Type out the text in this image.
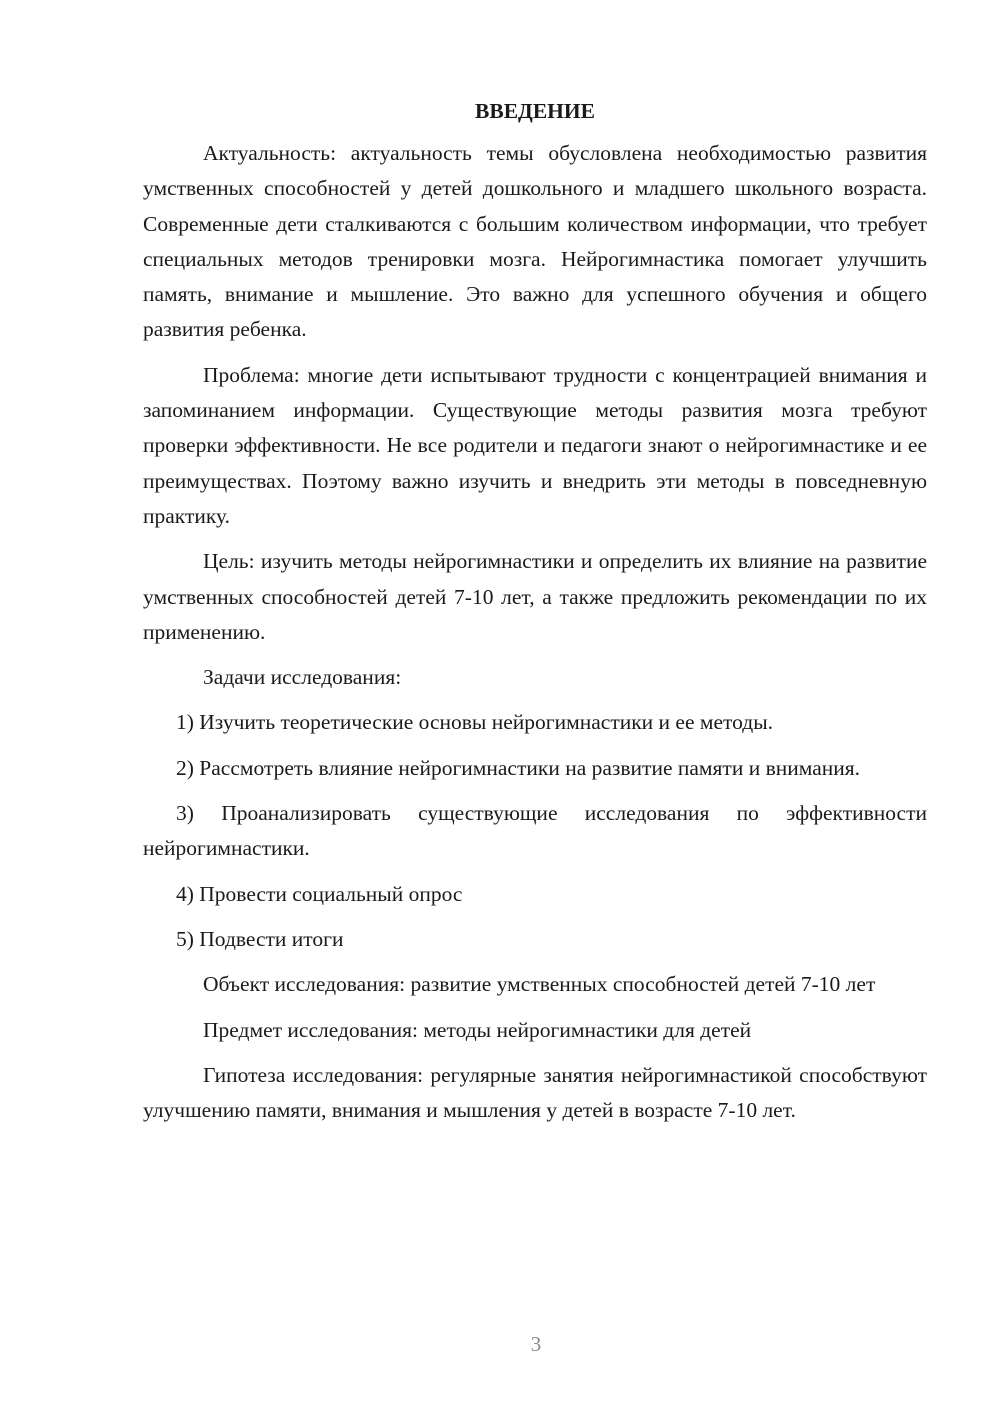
ВВЕДЕНИЕ

Актуальность: актуальность темы обусловлена необходимостью развития умственных способностей у детей дошкольного и младшего школьного возраста. Современные дети сталкиваются с большим количеством информации, что требует специальных методов тренировки мозга. Нейрогимнастика помогает улучшить память, внимание и мышление. Это важно для успешного обучения и общего развития ребенка.

Проблема: многие дети испытывают трудности с концентрацией внимания и запоминанием информации. Существующие методы развития мозга требуют проверки эффективности. Не все родители и педагоги знают о нейрогимнастике и ее преимуществах. Поэтому важно изучить и внедрить эти методы в повседневную практику.

Цель: изучить методы нейрогимнастики и определить их влияние на развитие умственных способностей детей 7-10 лет, а также предложить рекомендации по их применению.

Задачи исследования:

1) Изучить теоретические основы нейрогимнастики и ее методы.

2) Рассмотреть влияние нейрогимнастики на развитие памяти и внимания.

3) Проанализировать существующие исследования по эффективности нейрогимнастики.

4) Провести социальный опрос

5) Подвести итоги

Объект исследования: развитие умственных способностей детей 7-10 лет

Предмет исследования: методы нейрогимнастики для детей

Гипотеза исследования: регулярные занятия нейрогимнастикой способствуют улучшению памяти, внимания и мышления у детей в возрасте 7-10 лет.

3
